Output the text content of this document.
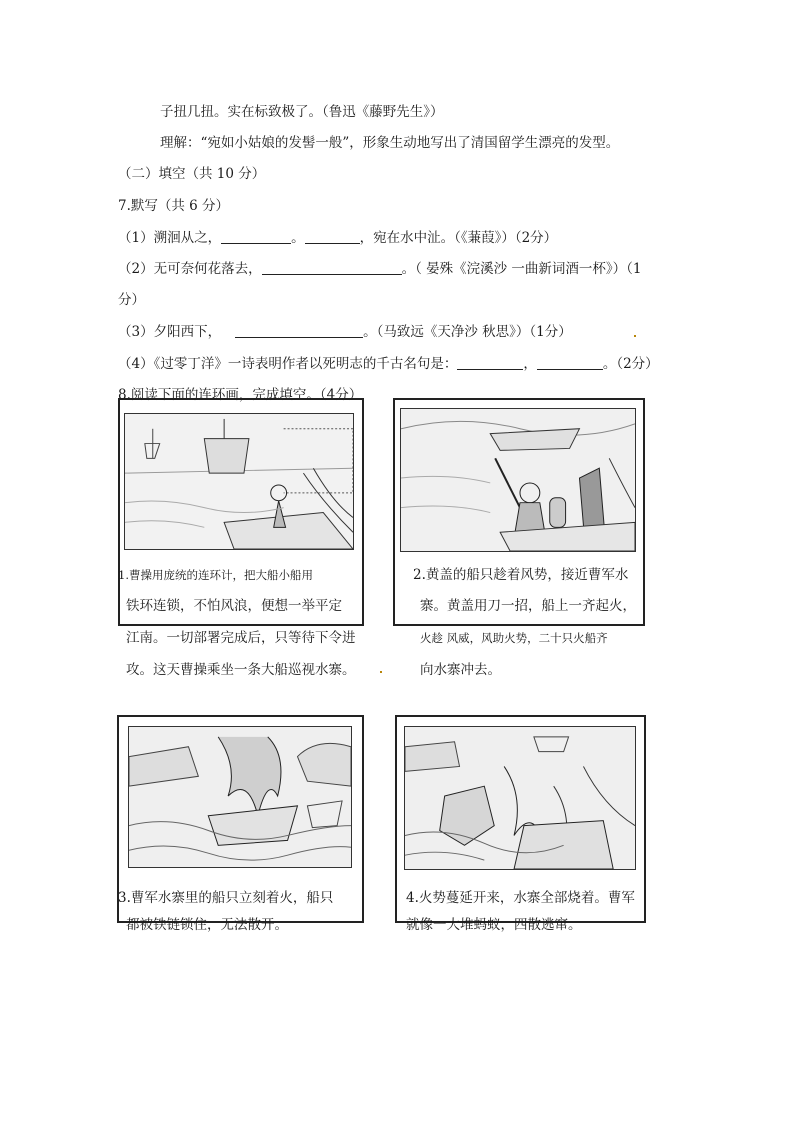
子扭几扭。实在标致极了。（鲁迅《藤野先生》）
理解：“宛如小姑娘的发髻一般”，形象生动地写出了清国留学生漂亮的发型。
（二）填空（共 10 分）
7.默写（共 6 分）
（1）溯洄从之，	。	，宛在水中沚。（《蒹葭》）（2分）
（2）无可奈何花落去，	。（ 晏殊《浣溪沙 一曲新词酒一杯》）（1
分）
（3）夕阳西下，	。（马致远《天净沙 秋思》）（1分）
（4）《过零丁洋》一诗表明作者以死明志的千古名句是：	，	。（2分）
8.阅读下面的连环画，完成填空。（4分）
1.曹操用庞统的连环计，把大船小船用
铁环连锁，不怕风浪，便想一举平定
江南。一切部署完成后，只等待下令进
攻。这天曹操乘坐一条大船巡视水寨。
2.黄盖的船只趁着风势，接近曹军水
寨。黄盖用刀一招，船上一齐起火，
火趁 风威，风助火势，二十只火船齐
向水寨冲去。
3.曹军水寨里的船只立刻着火，船只
都被铁链锁住，无法散开。
4.火势蔓延开来，水寨全部烧着。曹军
就像一大堆蚂蚁，四散逃窜。
